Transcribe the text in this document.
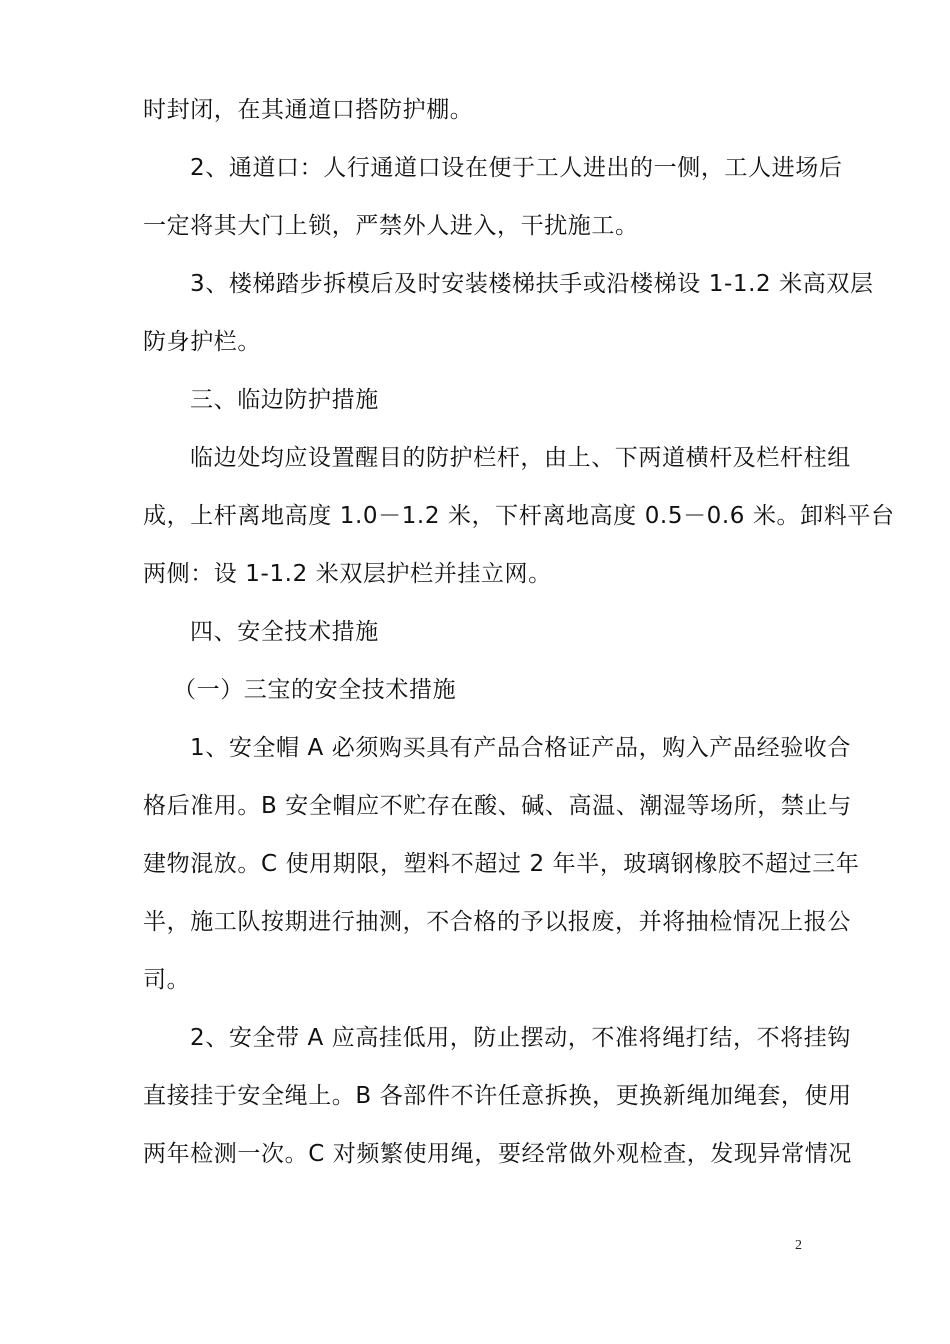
时封闭，在其通道口搭防护棚。
2、通道口：人行通道口设在便于工人进出的一侧，工人进场后
一定将其大门上锁，严禁外人进入，干扰施工。
3、楼梯踏步拆模后及时安装楼梯扶手或沿楼梯设 1-1.2 米高双层
防身护栏。
三、临边防护措施
临边处均应设置醒目的防护栏杆，由上、下两道横杆及栏杆柱组
成，上杆离地高度 1.0－1.2 米，下杆离地高度 0.5－0.6 米。卸料平台
两侧：设 1-1.2 米双层护栏并挂立网。
四、安全技术措施
（一）三宝的安全技术措施
1、安全帽 A 必须购买具有产品合格证产品，购入产品经验收合
格后准用。B 安全帽应不贮存在酸、碱、高温、潮湿等场所，禁止与
建物混放。C 使用期限，塑料不超过 2 年半，玻璃钢橡胶不超过三年
半，施工队按期进行抽测，不合格的予以报废，并将抽检情况上报公
司。
2、安全带 A 应高挂低用，防止摆动，不准将绳打结，不将挂钩
直接挂于安全绳上。B 各部件不许任意拆换，更换新绳加绳套，使用
两年检测一次。C 对频繁使用绳，要经常做外观检查，发现异常情况
2
